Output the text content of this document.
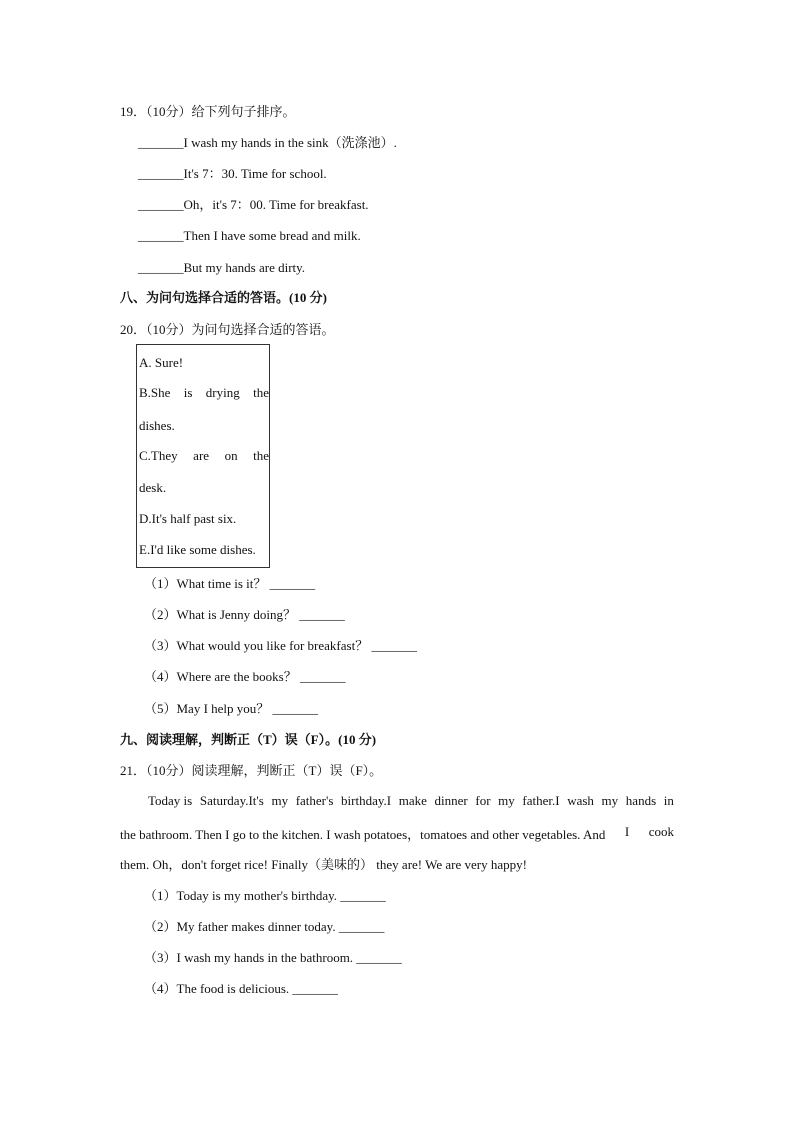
19．（10分）给下列句子排序。
_______I wash my hands in the sink（洗涤池）.
_______It's 7：30. Time for school.
_______Oh，it's 7：00. Time for breakfast.
_______Then I have some bread and milk.
_______But my hands are dirty.
八、为问句选择合适的答语。(10 分)
20．（10分）为问句选择合适的答语。
A. Sure!
B.She is drying the
dishes.
C.They are on the
desk.
D.It's half past six.
E.I'd like some dishes.
（1）What time is it？ _______
（2）What is Jenny doing？ _______
（3）What would you like for breakfast？ _______
（4）Where are the books？ _______
（5）May I help you？ _______
九、阅读理解，判断正（T）误（F）。(10 分)
21．（10分）阅读理解，判断正（T）误（F）。
Today is Saturday.It's my father's birthday.I make dinner for my father.I wash my hands in
the bathroom. Then I go to the kitchen. I wash potatoes，tomatoes and other vegetables. And I cook
them. Oh，don't forget rice! Finally（美味的） they are! We are very happy!
（1）Today is my mother's birthday. _______
（2）My father makes dinner today. _______
（3）I wash my hands in the bathroom. _______
（4）The food is delicious. _______
